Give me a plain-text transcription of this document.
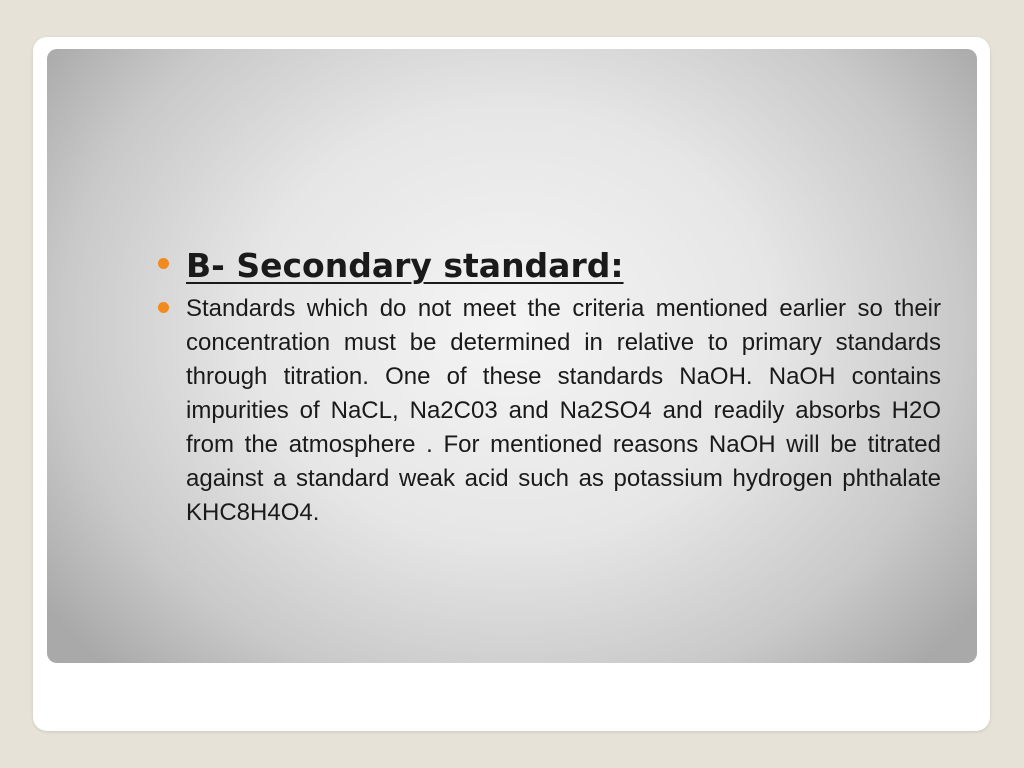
B- Secondary standard:
Standards which do not meet the criteria mentioned earlier so their concentration must be determined in relative to primary standards through titration. One of these standards NaOH. NaOH contains impurities of NaCL, Na2C03 and Na2SO4 and readily absorbs H2O from the atmosphere . For mentioned reasons NaOH will be titrated against a standard weak acid such as potassium hydrogen phthalate KHC8H4O4.
